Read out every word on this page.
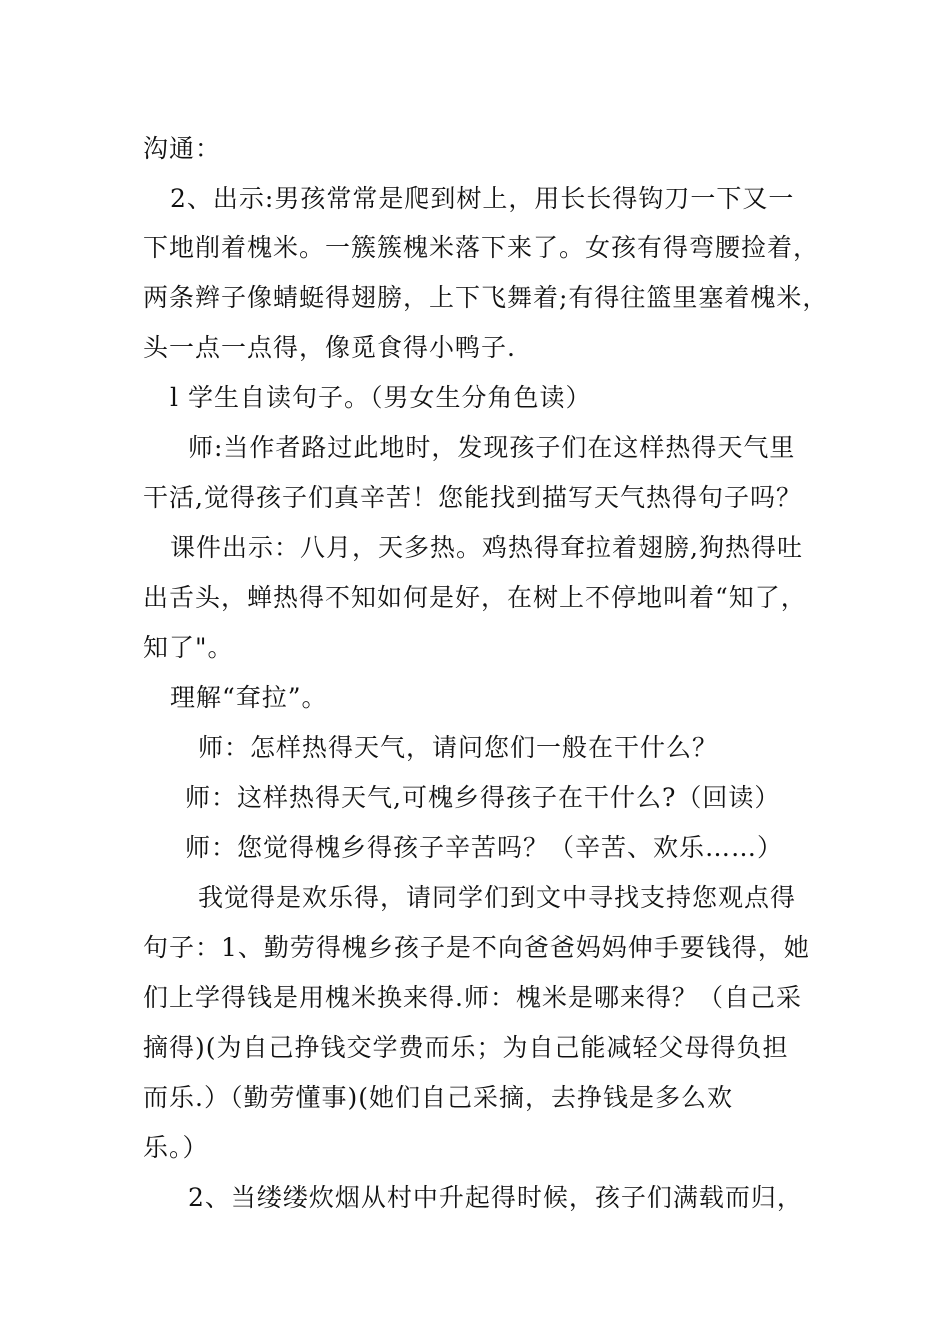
沟通：
2、出示:男孩常常是爬到树上，用长长得钩刀一下又一
下地削着槐米。一簇簇槐米落下来了。女孩有得弯腰捡着，
两条辫子像蜻蜓得翅膀，上下飞舞着;有得往篮里塞着槐米，
头一点一点得，像觅食得小鸭子.
l 学生自读句子。（男女生分角色读）
师:当作者路过此地时，发现孩子们在这样热得天气里
干活,觉得孩子们真辛苦！您能找到描写天气热得句子吗？
课件出示：八月，天多热。鸡热得耷拉着翅膀,狗热得吐
出舌头，蝉热得不知如何是好，在树上不停地叫着“知了，
知了"。
理解“耷拉”。
师：怎样热得天气，请问您们一般在干什么？
师：这样热得天气,可槐乡得孩子在干什么?（回读）
师：您觉得槐乡得孩子辛苦吗？（辛苦、欢乐……）
我觉得是欢乐得，请同学们到文中寻找支持您观点得
句子：1、勤劳得槐乡孩子是不向爸爸妈妈伸手要钱得，她
们上学得钱是用槐米换来得.师：槐米是哪来得？（自己采
摘得)(为自己挣钱交学费而乐；为自己能减轻父母得负担
而乐.）（勤劳懂事)(她们自己采摘，去挣钱是多么欢
乐。）
2、当缕缕炊烟从村中升起得时候，孩子们满载而归，
